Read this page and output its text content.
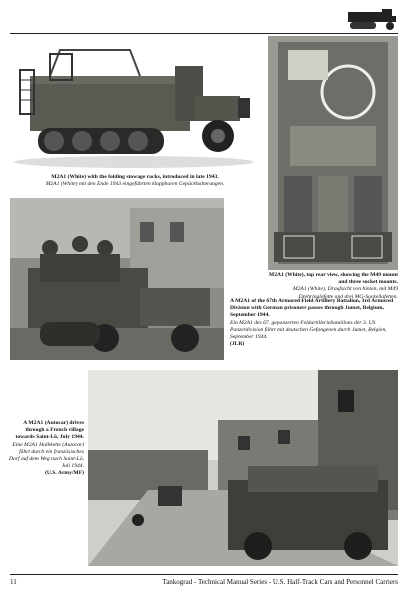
M2A1 (White) with the folding stowage racks, introduced in late 1943.
M2A1 (White) mit den Ende 1943 eingeführten klappbaren Gepäckhalterungen.
A M2A1 of the 67th Armored Field Artillery Battalion, 3rd Armored Division with German prisoners passes through Jumet, Belgium, September 1944.
Ein M2A1 des 67. gepanzerten Feldartilleriebataillons der 3. US Panzerdivision fährt mit deutschen Gefangenen durch Jumet, Belgien, September 1944.
(JLR)
M2A1 (White), top rear view, showing the M49 mount and three socket mounts.
M2A1 (White), Draufsicht von hinten, mit M49 Drehringlafette and drei MG-Sockellafetten.
A M2A1 (Autocar) drives through a French village towards Saint-Lô, July 1944.
Eine M2A1 Halbkette (Autocar) fährt durch ein französisches Dorf auf dem Weg nach Saint-Lô, Juli 1944.
(U.S. Army/MF)
11	Tankograd - Technical Manual Series - U.S. Half-Track Cars and Personnel Carriers
